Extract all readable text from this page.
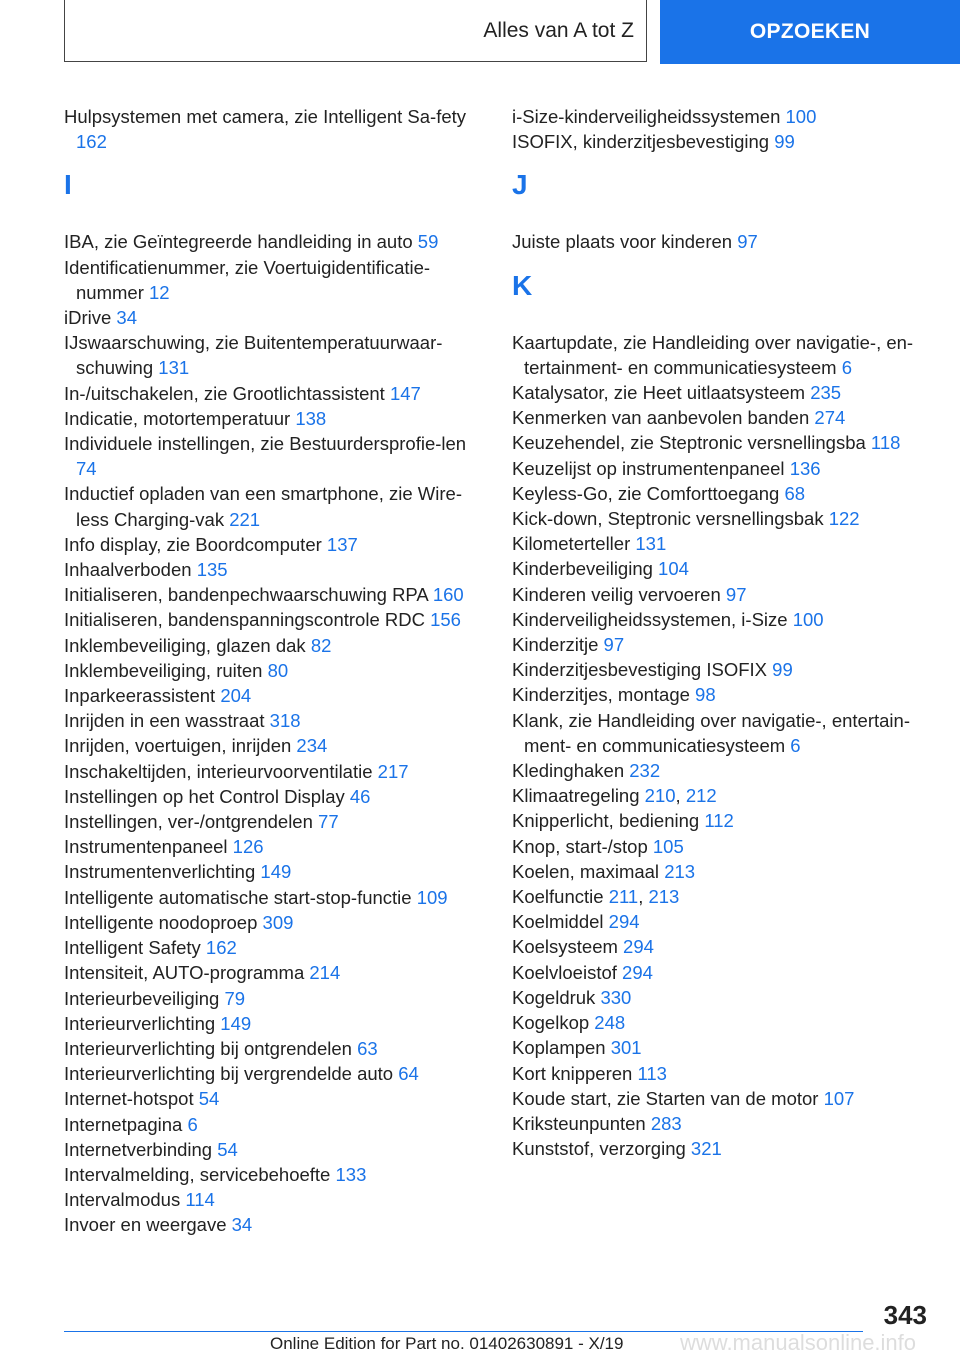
Alles van A tot Z	OPZOEKEN
Hulpsystemen met camera, zie Intelligent Sa-fety 162
I
IBA, zie Geïntegreerde handleiding in auto 59
Identificatienummer, zie Voertuigidentificatie-nummer 12
iDrive 34
IJswaarschuwing, zie Buitentemperatuurwaar-schuwing 131
In-/uitschakelen, zie Grootlichtassistent 147
Indicatie, motortemperatuur 138
Individuele instellingen, zie Bestuurdersprofie-len 74
Inductief opladen van een smartphone, zie Wire-less Charging-vak 221
Info display, zie Boordcomputer 137
Inhaalverboden 135
Initialiseren, bandenpechwaarschuwing RPA 160
Initialiseren, bandenspanningscontrole RDC 156
Inklembeveiliging, glazen dak 82
Inklembeveiliging, ruiten 80
Inparkeerassistent 204
Inrijden in een wasstraat 318
Inrijden, voertuigen, inrijden 234
Inschakeltijden, interieurvoorventilatie 217
Instellingen op het Control Display 46
Instellingen, ver-/ontgrendelen 77
Instrumentenpaneel 126
Instrumentenverlichting 149
Intelligente automatische start-stop-functie 109
Intelligente noodoproep 309
Intelligent Safety 162
Intensiteit, AUTO-programma 214
Interieurbeveiliging 79
Interieurverlichting 149
Interieurverlichting bij ontgrendelen 63
Interieurverlichting bij vergrendelde auto 64
Internet-hotspot 54
Internetpagina 6
Internetverbinding 54
Intervalmelding, servicebehoefte 133
Intervalmodus 114
Invoer en weergave 34
i-Size-kinderveiligheidssystemen 100
ISOFIX, kinderzitjesbevestiging 99
J
Juiste plaats voor kinderen 97
K
Kaartupdate, zie Handleiding over navigatie-, en-tertainment- en communicatiesysteem 6
Katalysator, zie Heet uitlaatsysteem 235
Kenmerken van aanbevolen banden 274
Keuzehendel, zie Steptronic versnellingsba 118
Keuzelijst op instrumentenpaneel 136
Keyless-Go, zie Comforttoegang 68
Kick-down, Steptronic versnellingsbak 122
Kilometerteller 131
Kinderbeveiliging 104
Kinderen veilig vervoeren 97
Kinderveiligheidssystemen, i-Size 100
Kinderzitje 97
Kinderzitjesbevestiging ISOFIX 99
Kinderzitjes, montage 98
Klank, zie Handleiding over navigatie-, entertain-ment- en communicatiesysteem 6
Kledinghaken 232
Klimaatregeling 210, 212
Knipperlicht, bediening 112
Knop, start-/stop 105
Koelen, maximaal 213
Koelfunctie 211, 213
Koelmiddel 294
Koelsysteem 294
Koelvloeistof 294
Kogeldruk 330
Kogelkop 248
Koplampen 301
Kort knipperen 113
Koude start, zie Starten van de motor 107
Kriksteunpunten 283
Kunststof, verzorging 321
343
Online Edition for Part no. 01402630891 - X/19	www.manualsonline.info
